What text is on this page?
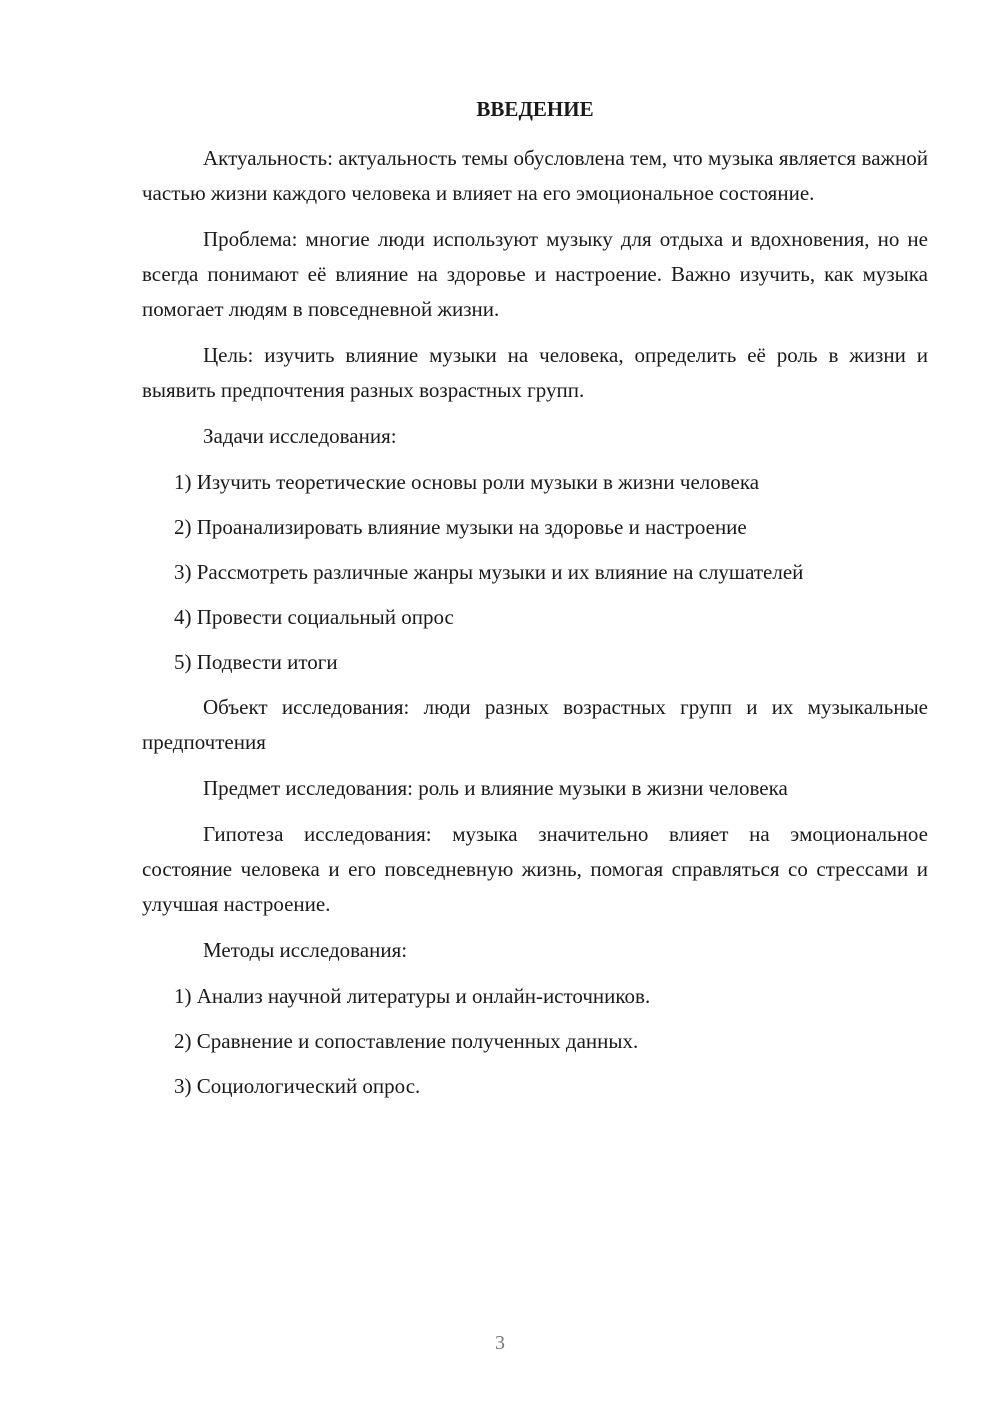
ВВЕДЕНИЕ

Актуальность: актуальность темы обусловлена тем, что музыка является важной частью жизни каждого человека и влияет на его эмоциональное состояние.

Проблема: многие люди используют музыку для отдыха и вдохновения, но не всегда понимают её влияние на здоровье и настроение. Важно изучить, как музыка помогает людям в повседневной жизни.

Цель: изучить влияние музыки на человека, определить её роль в жизни и выявить предпочтения разных возрастных групп.

Задачи исследования:

1) Изучить теоретические основы роли музыки в жизни человека
2) Проанализировать влияние музыки на здоровье и настроение
3) Рассмотреть различные жанры музыки и их влияние на слушателей
4) Провести социальный опрос
5) Подвести итоги

Объект исследования: люди разных возрастных групп и их музыкальные предпочтения

Предмет исследования: роль и влияние музыки в жизни человека

Гипотеза исследования: музыка значительно влияет на эмоциональное состояние человека и его повседневную жизнь, помогая справляться со стрессами и улучшая настроение.

Методы исследования:

1) Анализ научной литературы и онлайн-источников.
2) Сравнение и сопоставление полученных данных.
3) Социологический опрос.
3
